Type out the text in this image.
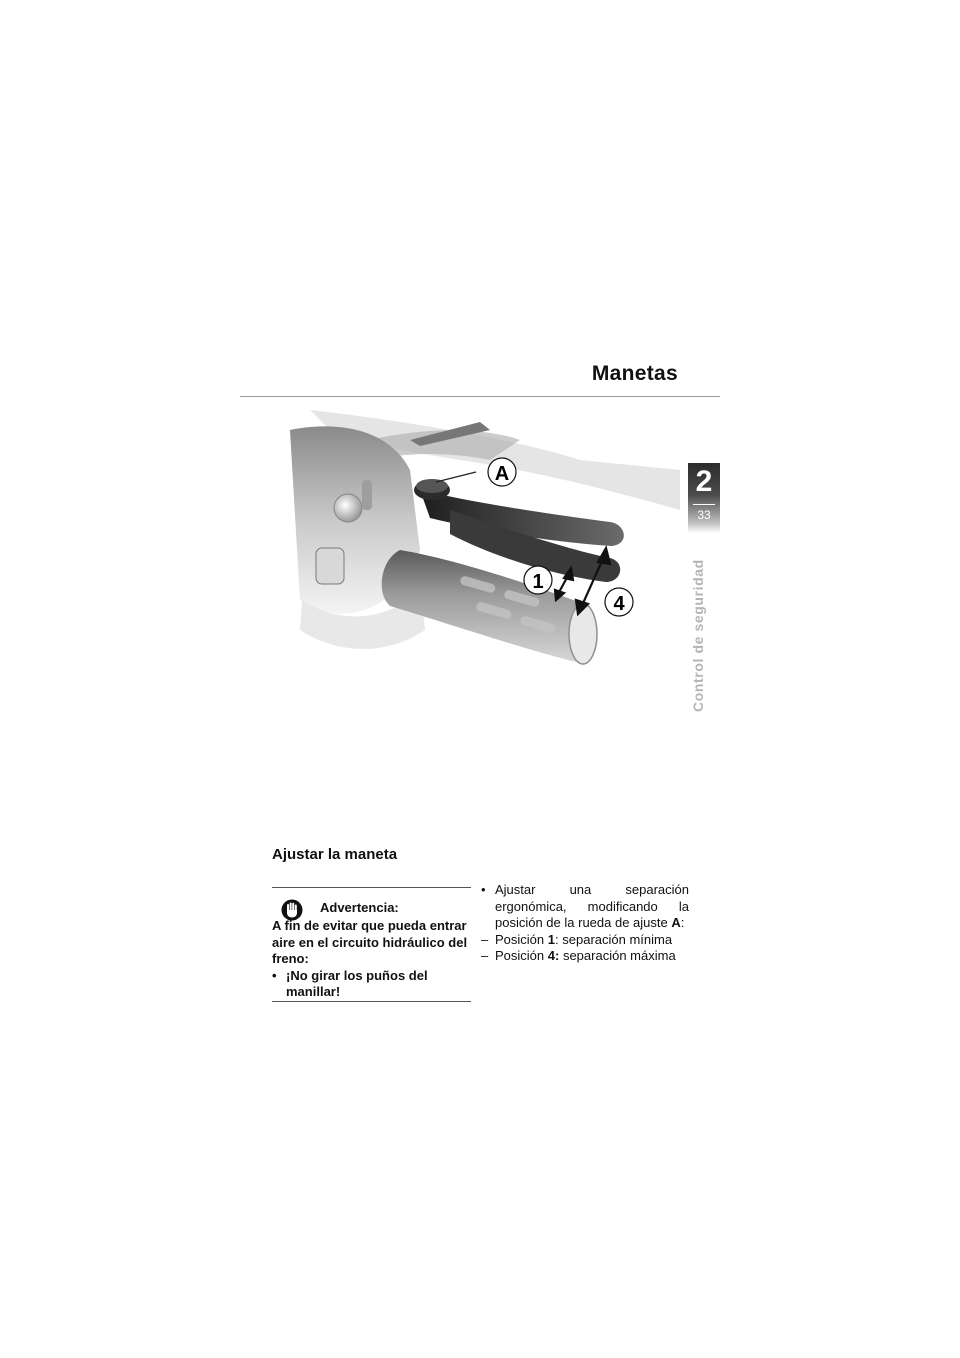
Manetas
2
33
Control de seguridad
A
1
4
Ajustar la maneta
Advertencia:
A fin de evitar que pueda entrar aire en el circuito hidráulico del freno:
• ¡No girar los puños del manillar!
• Ajustar una separación ergonómica, modificando la posición de la rueda de ajuste A:
– Posición 1: separación mínima
– Posición 4: separación máxima
